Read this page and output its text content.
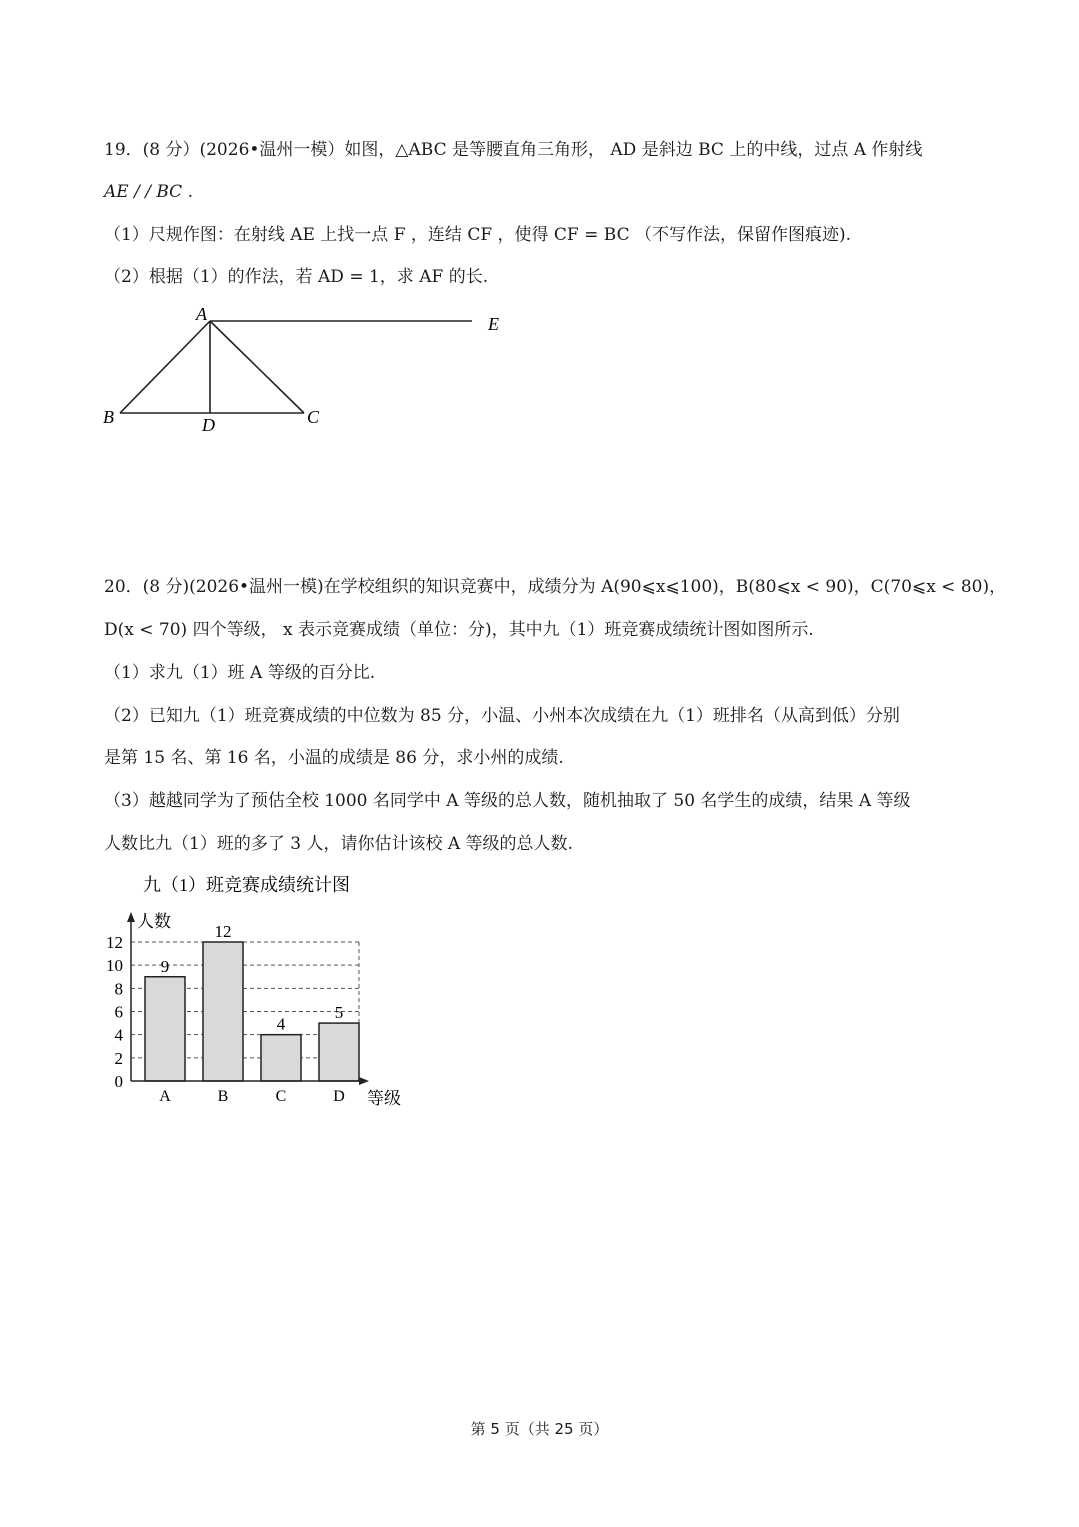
19．(8 分）(2026•温州一模）如图，△ABC 是等腰直角三角形， AD 是斜边 BC 上的中线，过点 A 作射线
AE / / BC .
（1）尺规作图：在射线 AE 上找一点 F ，连结 CF ，使得 CF = BC （不写作法，保留作图痕迹).
（2）根据（1）的作法，若 AD = 1，求 AF 的长.
A	E
B	D	C
20．(8 分)(2026•温州一模)在学校组织的知识竞赛中，成绩分为 A(90⩽x⩽100)，B(80⩽x < 90)，C(70⩽x < 80)，
D(x < 70) 四个等级， x 表示竞赛成绩（单位：分)，其中九（1）班竞赛成绩统计图如图所示.
（1）求九（1）班 A 等级的百分比.
（2）已知九（1）班竞赛成绩的中位数为 85 分，小温、小州本次成绩在九（1）班排名（从高到低）分别
是第 15 名、第 16 名，小温的成绩是 86 分，求小州的成绩.
（3）越越同学为了预估全校 1000 名同学中 A 等级的总人数，随机抽取了 50 名学生的成绩，结果 A 等级
人数比九（1）班的多了 3 人，请你估计该校 A 等级的总人数.
九（1）班竞赛成绩统计图
人数
等级
9
12
4
5
0
2
4
6
8
10
12
A	B	C	D
第 5 页（共 25 页）
